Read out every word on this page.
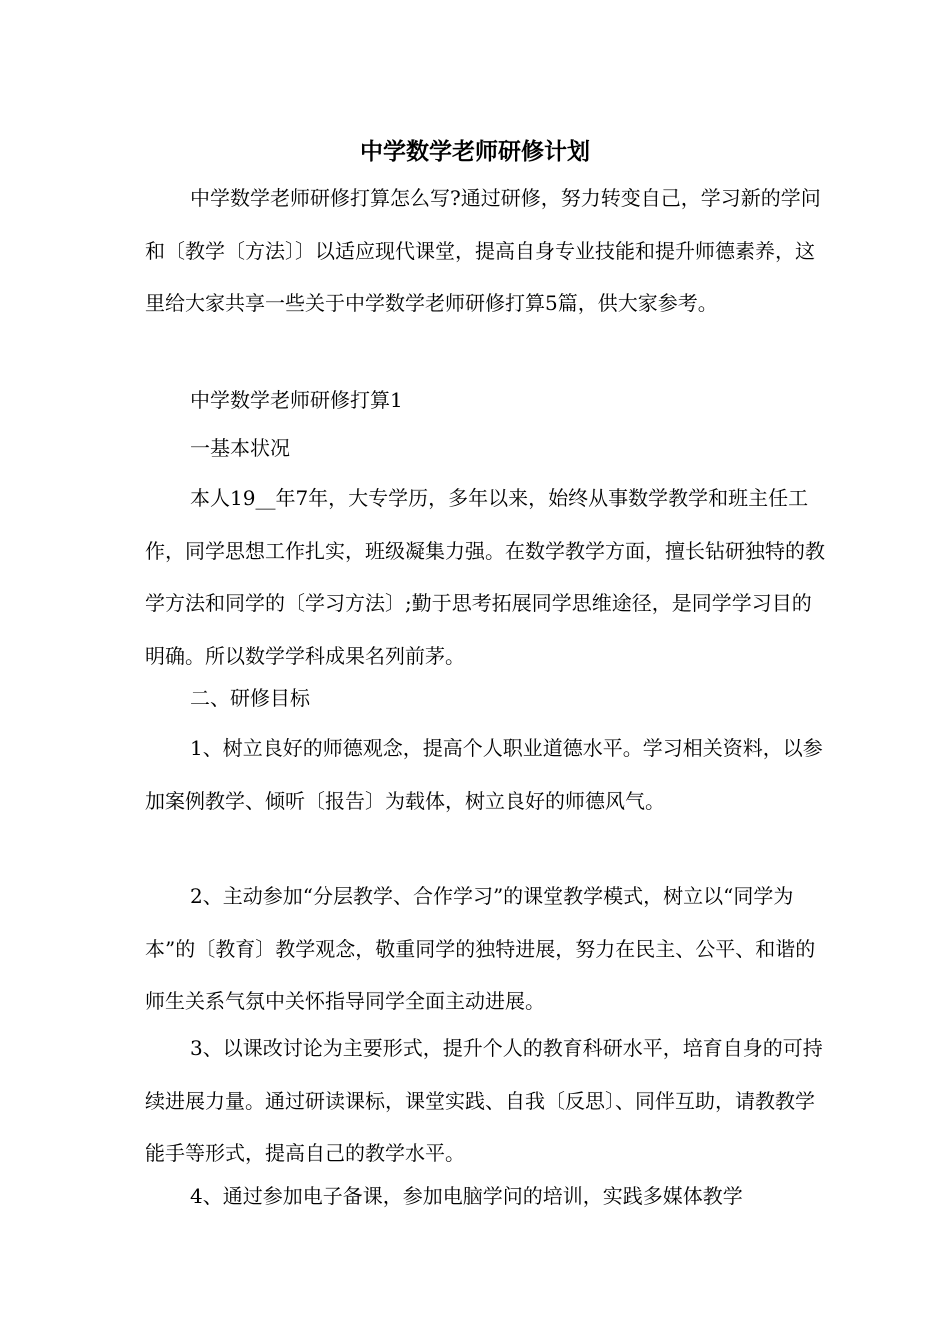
中学数学老师研修计划

中学数学老师研修打算怎么写?通过研修，努力转变自己，学习新的学问和〔教学〔方法〕〕以适应现代课堂，提高自身专业技能和提升师德素养，这里给大家共享一些关于中学数学老师研修打算5篇，供大家参考。

中学数学老师研修打算1

一基本状况

本人19__年7年，大专学历，多年以来，始终从事数学教学和班主任工作，同学思想工作扎实，班级凝集力强。在数学教学方面，擅长钻研独特的教学方法和同学的〔学习方法〕;勤于思考拓展同学思维途径，是同学学习目的明确。所以数学学科成果名列前茅。

二、研修目标

1、树立良好的师德观念，提高个人职业道德水平。学习相关资料，以参加案例教学、倾听〔报告〕为载体，树立良好的师德风气。

2、主动参加“分层教学、合作学习”的课堂教学模式，树立以“同学为本”的〔教育〕教学观念，敬重同学的独特进展，努力在民主、公平、和谐的师生关系气氛中关怀指导同学全面主动进展。

3、以课改讨论为主要形式，提升个人的教育科研水平，培育自身的可持续进展力量。通过研读课标，课堂实践、自我〔反思〕、同伴互助，请教教学能手等形式，提高自己的教学水平。

4、通过参加电子备课，参加电脑学问的培训，实践多媒体教学
